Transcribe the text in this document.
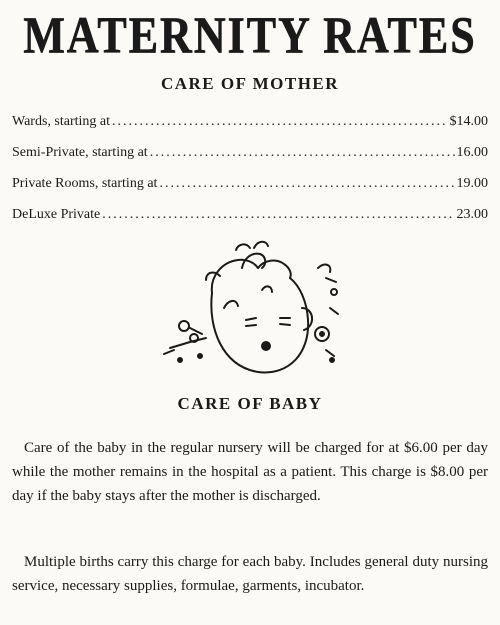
MATERNITY RATES
CARE OF MOTHER
Wards, starting at .....	$14.00
Semi-Private, starting at .....	16.00
Private Rooms, starting at .....	19.00
DeLuxe Private .....	23.00
CARE OF BABY

Care of the baby in the regular nursery will be charged for at $6.00 per day while the mother remains in the hospital as a patient. This charge is $8.00 per day if the baby stays after the mother is discharged.

Multiple births carry this charge for each baby. Includes general duty nursing service, necessary supplies, formulae, garments, incubator.
